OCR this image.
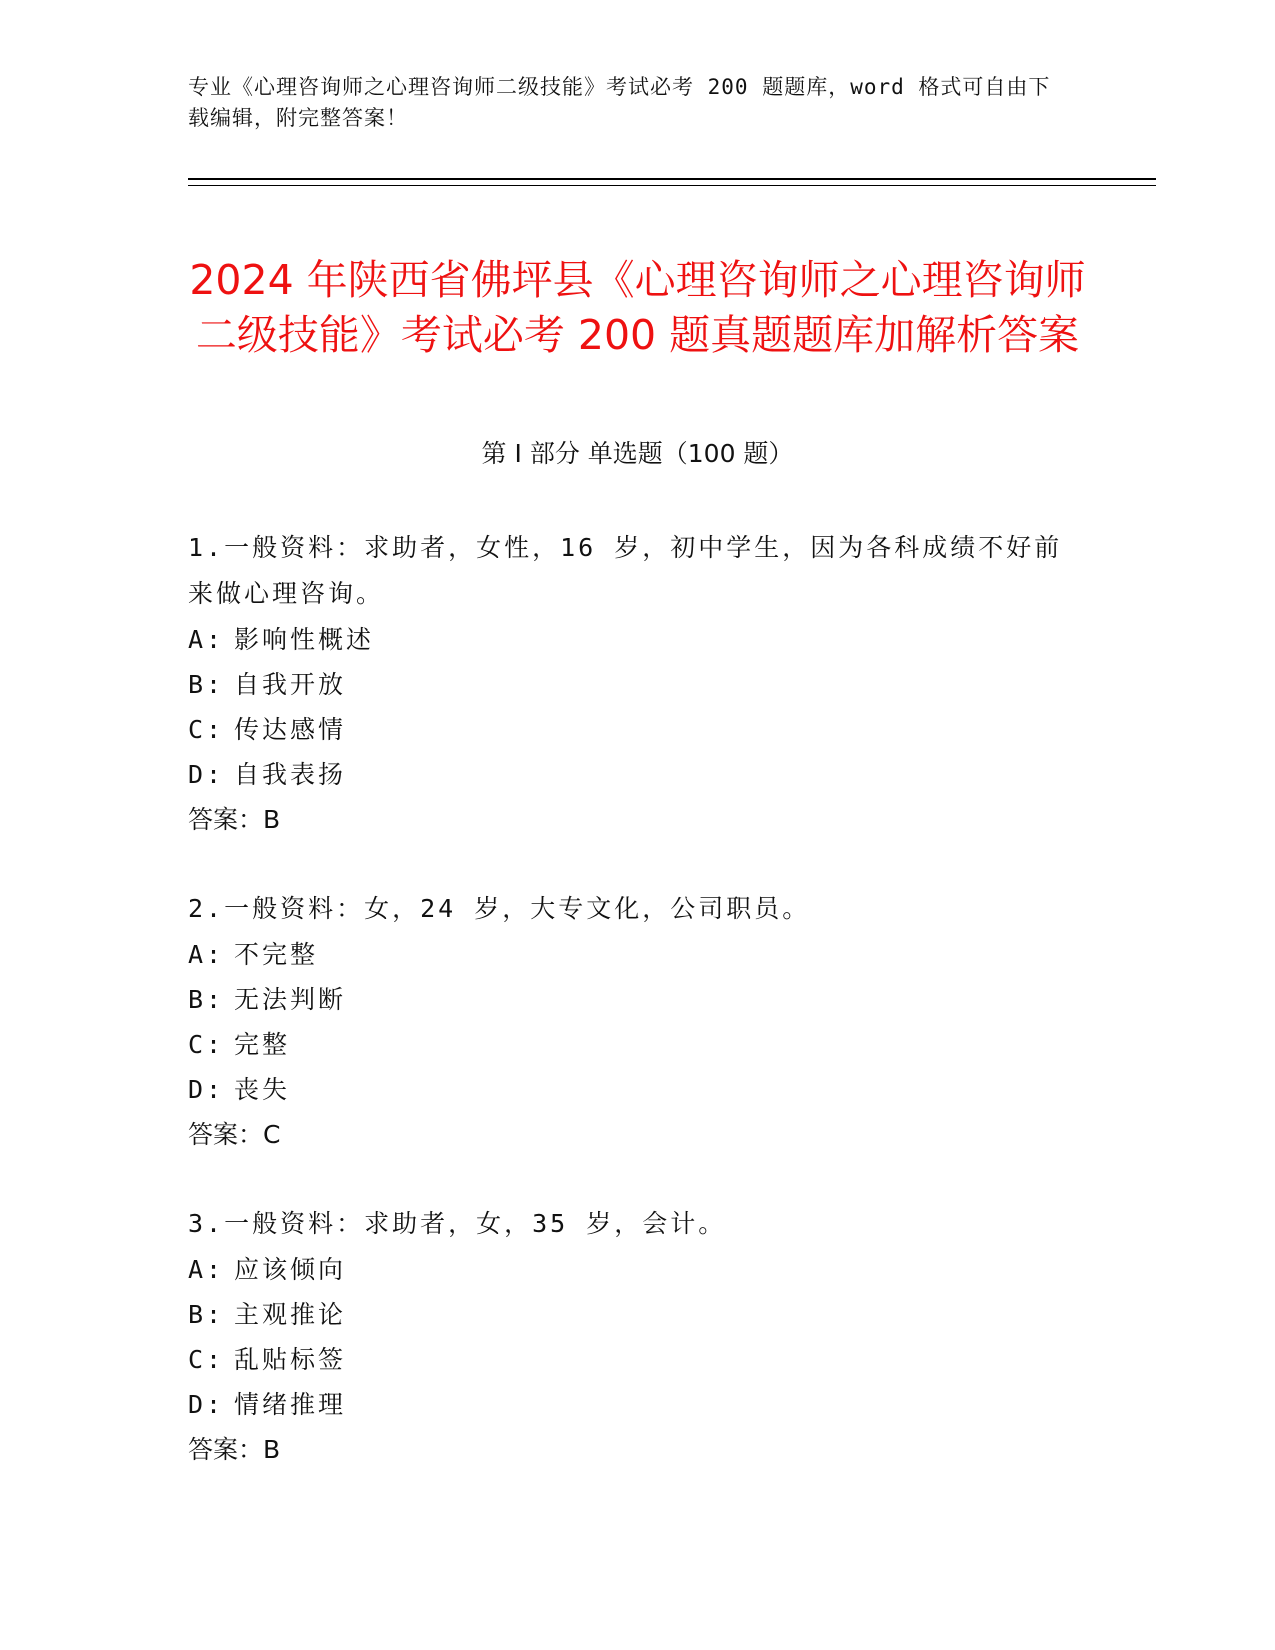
专业《心理咨询师之心理咨询师二级技能》考试必考 200 题题库，word 格式可自由下载编辑，附完整答案！
2024 年陕西省佛坪县《心理咨询师之心理咨询师二级技能》考试必考 200 题真题题库加解析答案
第 I 部分 单选题（100 题）
1.一般资料：求助者，女性，16 岁，初中学生，因为各科成绩不好前来做心理咨询。
A: 影响性概述
B: 自我开放
C: 传达感情
D: 自我表扬
答案：B
2.一般资料：女，24 岁，大专文化，公司职员。
A: 不完整
B: 无法判断
C: 完整
D: 丧失
答案：C
3.一般资料：求助者，女，35 岁，会计。
A: 应该倾向
B: 主观推论
C: 乱贴标签
D: 情绪推理
答案：B
